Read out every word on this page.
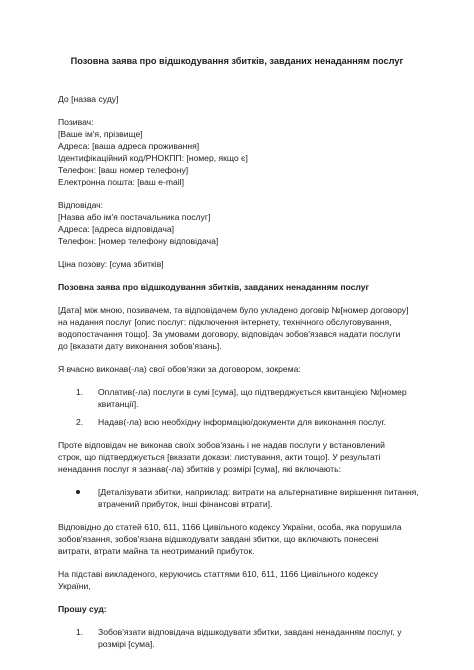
Позовна заява про відшкодування збитків, завданих ненаданням послуг

До [назва суду]

Позивач:

[Ваше ім'я, прізвище]

Адреса: [ваша адреса проживання]

Ідентифікаційний код/РНОКПП: [номер, якщо є]

Телефон: [ваш номер телефону]

Електронна пошта: [ваш e-mail]

Відповідач:

[Назва або ім'я постачальника послуг]

Адреса: [адреса відповідача]

Телефон: [номер телефону відповідача]

Ціна позову: [сума збитків]

Позовна заява про відшкодування збитків, завданих ненаданням послуг

[Дата] між мною, позивачем, та відповідачем було укладено договір №[номер договору]

на надання послуг [опис послуг: підключення інтернету, технічного обслуговування,

водопостачання тощо]. За умовами договору, відповідач зобов'язався надати послуги

до [вказати дату виконання зобов'язань].

Я вчасно виконав(-ла) свої обов'язки за договором, зокрема:

1. Оплатив(-ла) послуги в сумі [сума], що підтверджується квитанцією №[номер
квитанції].
2. Надав(-ла) всю необхідну інформацію/документи для виконання послуг.

Проте відповідач не виконав своїх зобов'язань і не надав послуги у встановлений

строк, що підтверджується [вказати докази: листування, акти тощо]. У результаті

ненадання послуг я зазнав(-ла) збитків у розмірі [сума], які включають:

[Деталізувати збитки, наприклад: витрати на альтернативне вирішення питання,
втрачений прибуток, інші фінансові втрати].

Відповідно до статей 610, 611, 1166 Цивільного кодексу України, особа, яка порушила

зобов'язання, зобов'язана відшкодувати завдані збитки, що включають понесені

витрати, втрати майна та неотриманий прибуток.

На підставі викладеного, керуючись статтями 610, 611, 1166 Цивільного кодексу

України,

Прошу суд:

1. Зобов'язати відповідача відшкодувати збитки, завдані ненаданням послуг, у
розмірі [сума].
